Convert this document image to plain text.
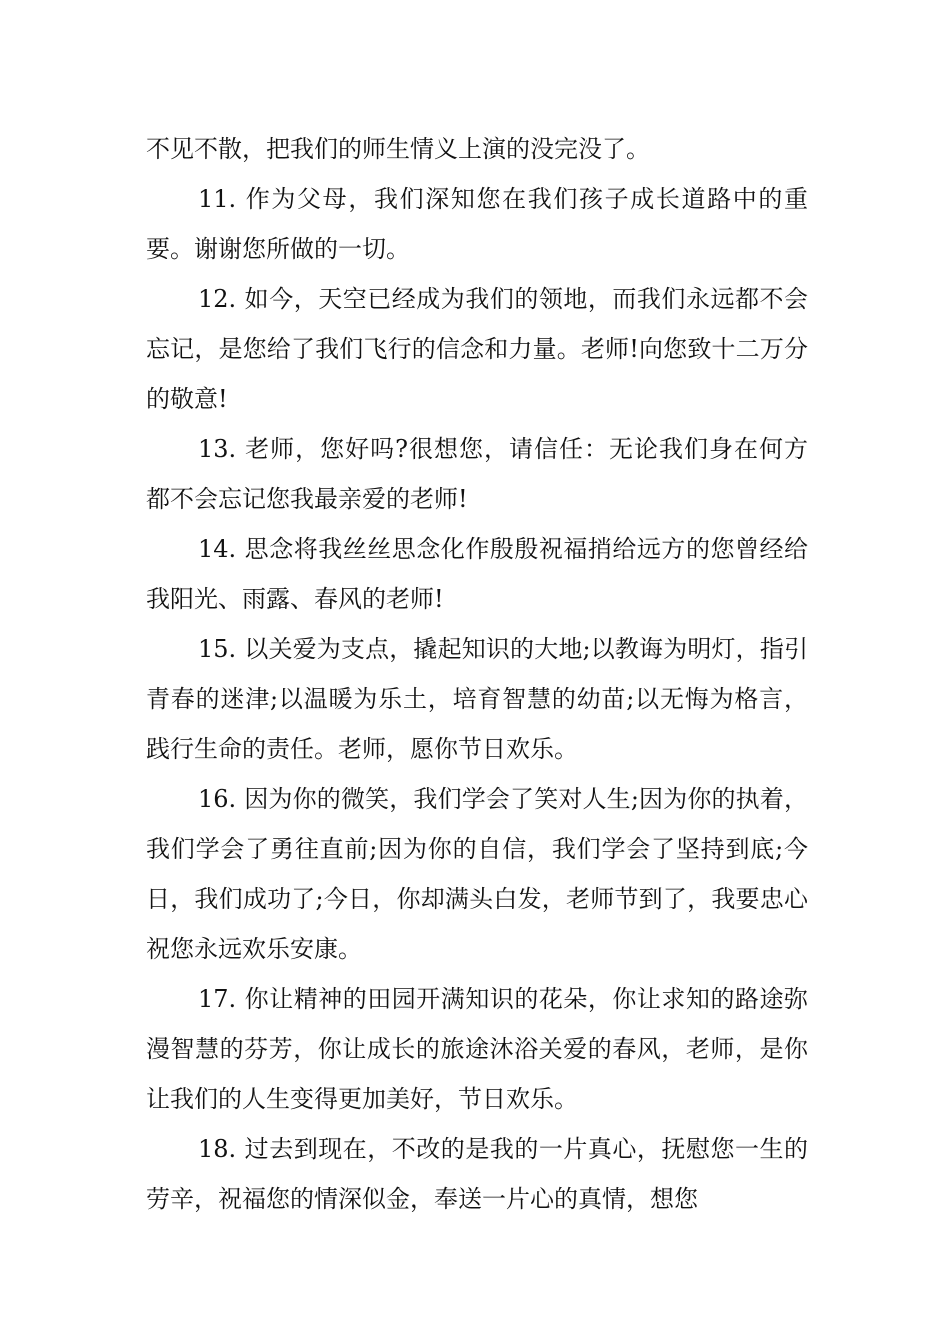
不见不散，把我们的师生情义上演的没完没了。

11. 作为父母，我们深知您在我们孩子成长道路中的重要。谢谢您所做的一切。

12. 如今，天空已经成为我们的领地，而我们永远都不会忘记，是您给了我们飞行的信念和力量。老师!向您致十二万分的敬意!

13. 老师，您好吗?很想您，请信任：无论我们身在何方都不会忘记您我最亲爱的老师!

14. 思念将我丝丝思念化作殷殷祝福捎给远方的您曾经给我阳光、雨露、春风的老师!

15. 以关爱为支点，撬起知识的大地;以教诲为明灯，指引青春的迷津;以温暖为乐土，培育智慧的幼苗;以无悔为格言，践行生命的责任。老师，愿你节日欢乐。

16. 因为你的微笑，我们学会了笑对人生;因为你的执着，我们学会了勇往直前;因为你的自信，我们学会了坚持到底;今日，我们成功了;今日，你却满头白发，老师节到了，我要忠心祝您永远欢乐安康。

17. 你让精神的田园开满知识的花朵，你让求知的路途弥漫智慧的芬芳，你让成长的旅途沐浴关爱的春风，老师，是你让我们的人生变得更加美好，节日欢乐。

18. 过去到现在，不改的是我的一片真心，抚慰您一生的劳辛，祝福您的情深似金，奉送一片心的真情，想您
